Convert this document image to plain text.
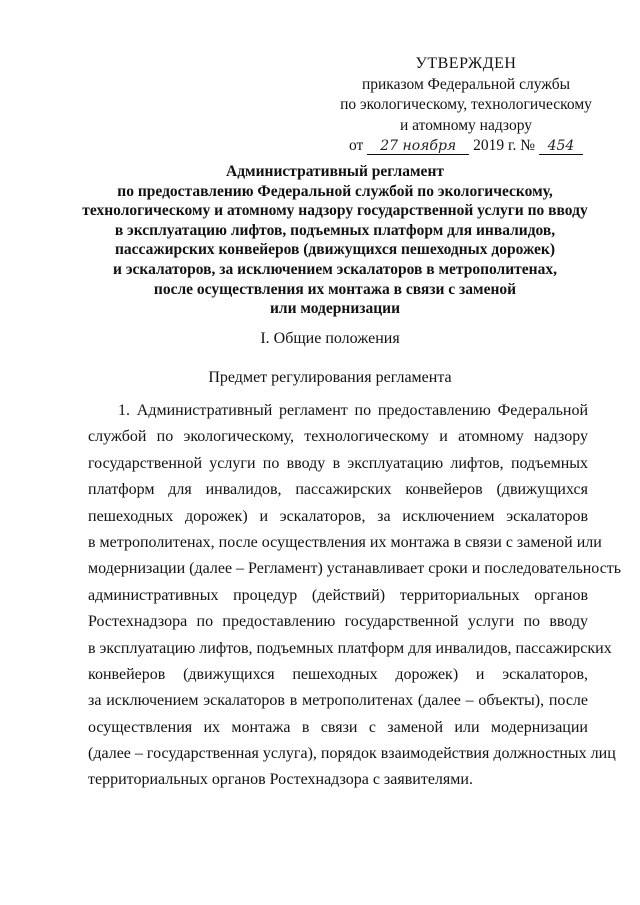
УТВЕРЖДЕН
приказом Федеральной службы
по экологическому, технологическому
и атомному надзору
от 27 ноября 2019 г. № 454
Административный регламент
по предоставлению Федеральной службой по экологическому,
технологическому и атомному надзору государственной услуги по вводу
в эксплуатацию лифтов, подъемных платформ для инвалидов,
пассажирских конвейеров (движущихся пешеходных дорожек)
и эскалаторов, за исключением эскалаторов в метрополитенах,
после осуществления их монтажа в связи с заменой
или модернизации
I. Общие положения
Предмет регулирования регламента
1. Административный регламент по предоставлению Федеральной
службой по экологическому, технологическому и атомному надзору
государственной услуги по вводу в эксплуатацию лифтов, подъемных
платформ для инвалидов, пассажирских конвейеров (движущихся
пешеходных дорожек) и эскалаторов, за исключением эскалаторов
в метрополитенах, после осуществления их монтажа в связи с заменой или
модернизации (далее – Регламент) устанавливает сроки и последовательность
административных процедур (действий) территориальных органов
Ростехнадзора по предоставлению государственной услуги по вводу
в эксплуатацию лифтов, подъемных платформ для инвалидов, пассажирских
конвейеров (движущихся пешеходных дорожек) и эскалаторов,
за исключением эскалаторов в метрополитенах (далее – объекты), после
осуществления их монтажа в связи с заменой или модернизации
(далее – государственная услуга), порядок взаимодействия должностных лиц
территориальных органов Ростехнадзора с заявителями.
